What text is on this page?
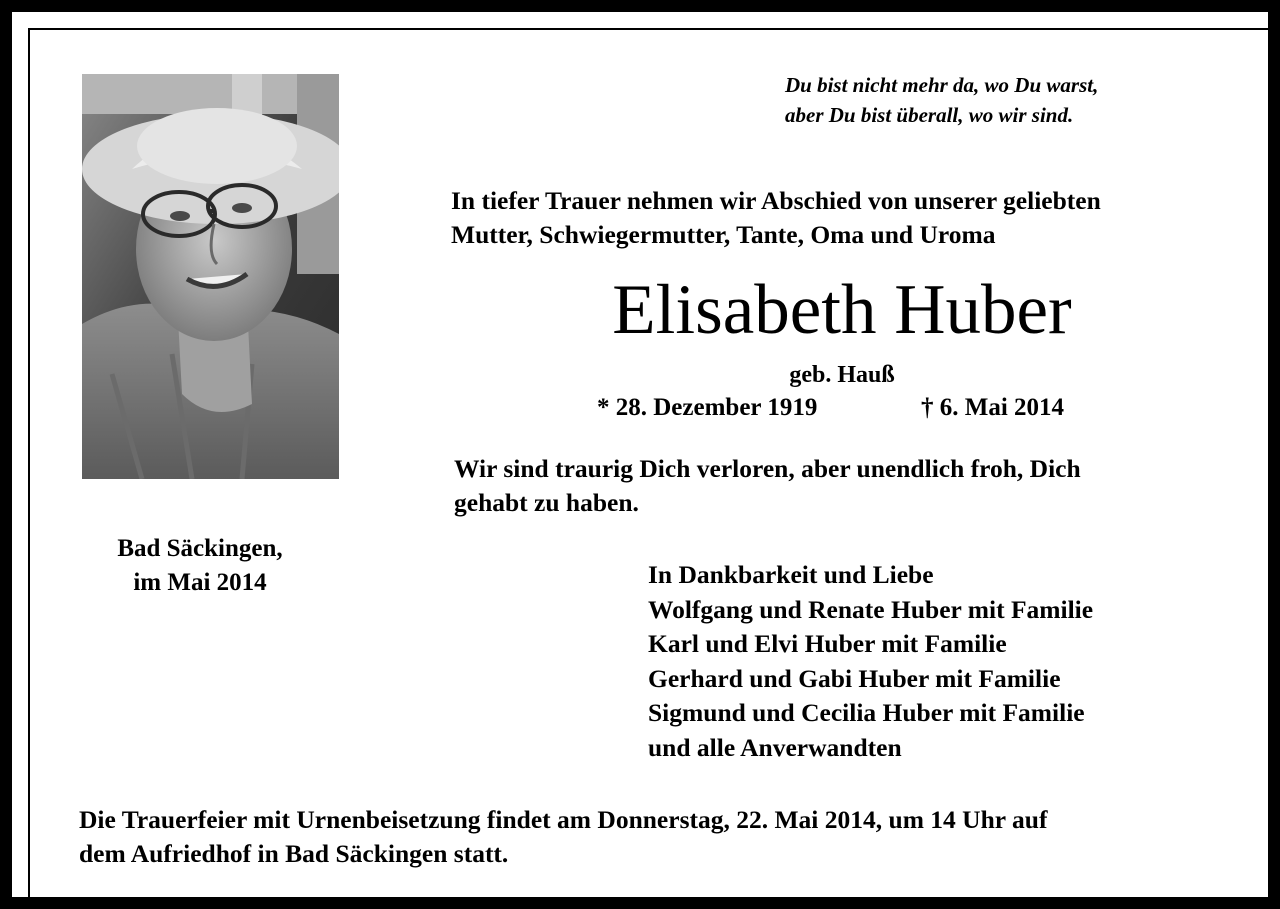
Du bist nicht mehr da, wo Du warst,
aber Du bist überall, wo wir sind.
In tiefer Trauer nehmen wir Abschied von unserer geliebten
Mutter, Schwiegermutter, Tante, Oma und Uroma
Elisabeth Huber
geb. Hauß
* 28. Dezember 1919	† 6. Mai 2014
Wir sind traurig Dich verloren, aber unendlich froh, Dich
gehabt zu haben.
Bad Säckingen,
im Mai 2014	In Dankbarkeit und Liebe
Wolfgang und Renate Huber mit Familie
Karl und Elvi Huber mit Familie
Gerhard und Gabi Huber mit Familie
Sigmund und Cecilia Huber mit Familie
und alle Anverwandten
Die Trauerfeier mit Urnenbeisetzung findet am Donnerstag, 22. Mai 2014, um 14 Uhr auf
dem Aufriedhof in Bad Säckingen statt.
